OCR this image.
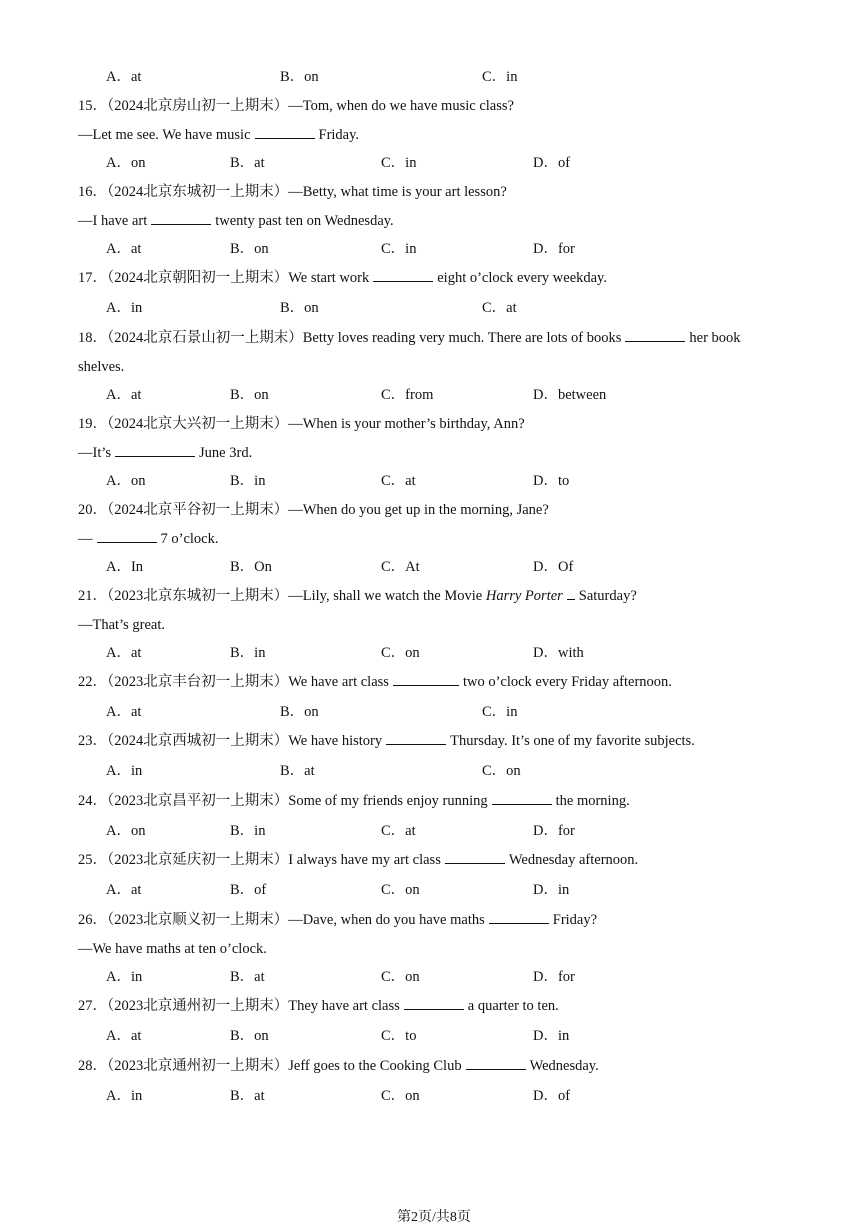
第2页/共8页
A．at	B．on	C．in
15．（2024北京房山初一上期末）—Tom, when do we have music class?
—Let me see. We have music	Friday.
A．on	B．at	C．in	D．of
16．（2024北京东城初一上期末）—Betty, what time is your art lesson?
—I have art	twenty past ten on Wednesday.
A．at	B．on	C．in	D．for
17．（2024北京朝阳初一上期末）We start work	eight o’clock every weekday.
A．in	B．on	C．at
18．（2024北京石景山初一上期末）Betty loves reading very much. There are lots of books	her book
shelves.
A．at	B．on	C．from	D．between
19．（2024北京大兴初一上期末）—When is your mother’s birthday, Ann?
—It’s	June 3rd.
A．on	B．in	C．at	D．to
20．（2024北京平谷初一上期末）—When do you get up in the morning, Jane?
—	7 o’clock.
A．In	B．On	C．At	D．Of
21．（2023北京东城初一上期末）—Lily, shall we watch the Movie Harry Porter Saturday?
—That’s great.
A．at	B．in	C．on	D．with
22．（2023北京丰台初一上期末）We have art class	two o’clock every Friday afternoon.
A．at	B．on	C．in
23．（2024北京西城初一上期末）We have history	Thursday. It’s one of my favorite subjects.
A．in	B．at	C．on
24．（2023北京昌平初一上期末）Some of my friends enjoy running	the morning.
A．on	B．in	C．at	D．for
25．（2023北京延庆初一上期末）I always have my art class	Wednesday afternoon.
A．at	B．of	C．on	D．in
26．（2023北京顺义初一上期末）—Dave, when do you have maths	Friday?
—We have maths at ten o’clock.
A．in	B．at	C．on	D．for
27．（2023北京通州初一上期末）They have art class	a quarter to ten.
A．at	B．on	C．to	D．in
28．（2023北京通州初一上期末）Jeff goes to the Cooking Club	Wednesday.
A．in	B．at	C．on	D．of
